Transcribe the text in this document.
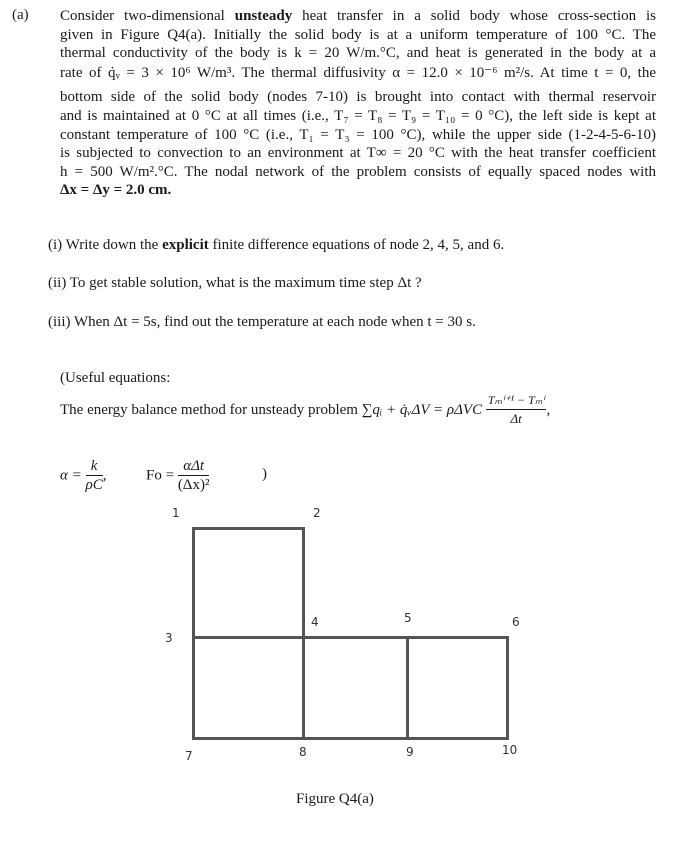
(a) Consider two-dimensional unsteady heat transfer in a solid body whose cross-section is
given in Figure Q4(a). Initially the solid body is at a uniform temperature of 100 °C. The
thermal conductivity of the body is k = 20 W/m.°C, and heat is generated in the body at a
rate of q̇ᵥ = 3 × 10⁶ W/m³. The thermal diffusivity α = 12.0 × 10⁻⁶ m²/s. At time t = 0, the
bottom side of the solid body (nodes 7-10) is brought into contact with thermal reservoir
and is maintained at 0 °C at all times (i.e., T₇ = T₈ = T₉ = T₁₀ = 0 °C), the left side is kept at
constant temperature of 100 °C (i.e., T₁ = T₃ = 100 °C), while the upper side (1-2-4-5-6-10)
is subjected to convection to an environment at T∞ = 20 °C with the heat transfer coefficient
h = 500 W/m².°C. The nodal network of the problem consists of equally spaced nodes with
Δx = Δy = 2.0 cm.
(i) Write down the explicit finite difference equations of node 2, 4, 5, and 6.
(ii) To get stable solution, what is the maximum time step Δt ?
(iii) When Δt = 5s, find out the temperature at each node when t = 30 s.
(Useful equations:
The energy balance method for unsteady problem ∑qᵢ + q̇ᵥΔV = ρΔVC $\frac{\text{Tₘⁱ⁺¹ − Tₘⁱ}}{\Delta t}$ ,
$\alpha = \frac{k}{\rho C}$ ,	$Fo = \frac{\text{αΔt}}{\text{(Δx)²}}$	)
1	2
3
4	5	6
7	8	9	10
Figure Q4(a)
